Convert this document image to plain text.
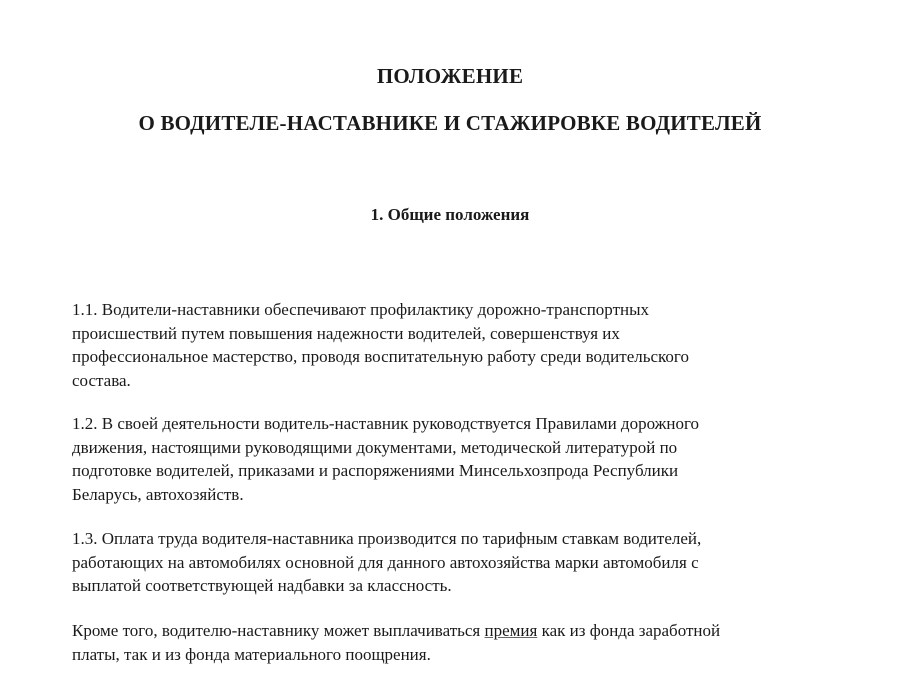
ПОЛОЖЕНИЕ
О ВОДИТЕЛЕ-НАСТАВНИКЕ И СТАЖИРОВКЕ ВОДИТЕЛЕЙ
1. Общие положения

1.1. Водители-наставники обеспечивают профилактику дорожно-транспортных
происшествий путем повышения надежности водителей, совершенствуя их
профессиональное мастерство, проводя воспитательную работу среди водительского
состава.

1.2. В своей деятельности водитель-наставник руководствуется Правилами дорожного
движения, настоящими руководящими документами, методической литературой по
подготовке водителей, приказами и распоряжениями Минсельхозпрода Республики
Беларусь, автохозяйств.

1.3. Оплата труда водителя-наставника производится по тарифным ставкам водителей,
работающих на автомобилях основной для данного автохозяйства марки автомобиля с
выплатой соответствующей надбавки за классность.

Кроме того, водителю-наставнику может выплачиваться премия как из фонда заработной
платы, так и из фонда материального поощрения.
